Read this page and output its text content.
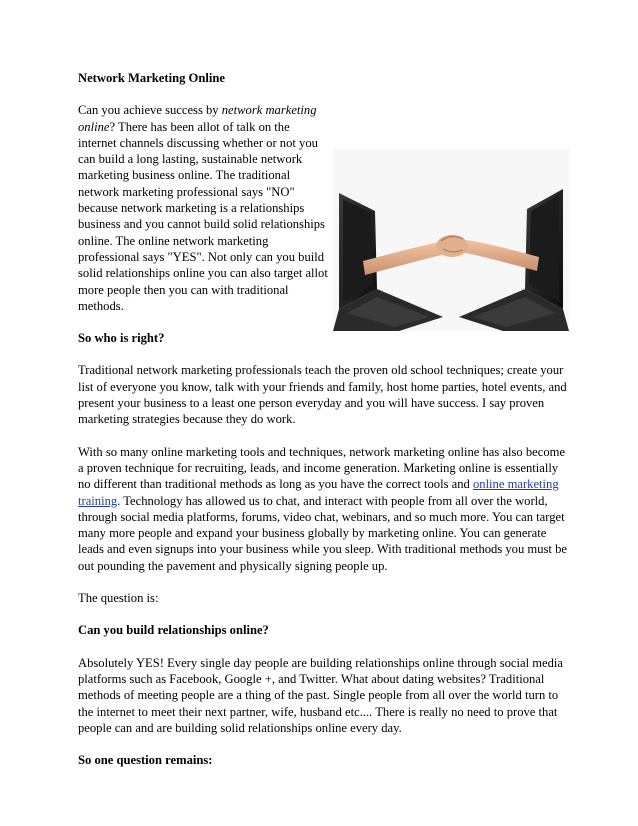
Network Marketing Online

Can you achieve success by network marketing online? There has been allot of talk on the internet channels discussing whether or not you can build a long lasting, sustainable network marketing business online. The traditional network marketing professional says "NO" because network marketing is a relationships business and you cannot build solid relationships online. The online network marketing professional says "YES". Not only can you build solid relationships online you can also target allot more people then you can with traditional methods.

So who is right?

Traditional network marketing professionals teach the proven old school techniques; create your list of everyone you know, talk with your friends and family, host home parties, hotel events, and present your business to a least one person everyday and you will have success. I say proven marketing strategies because they do work.

With so many online marketing tools and techniques, network marketing online has also become a proven technique for recruiting, leads, and income generation. Marketing online is essentially no different than traditional methods as long as you have the correct tools and online marketing training. Technology has allowed us to chat, and interact with people from all over the world, through social media platforms, forums, video chat, webinars, and so much more. You can target many more people and expand your business globally by marketing online. You can generate leads and even signups into your business while you sleep. With traditional methods you must be out pounding the pavement and physically signing people up.

The question is:

Can you build relationships online?

Absolutely YES! Every single day people are building relationships online through social media platforms such as Facebook, Google +, and Twitter. What about dating websites? Traditional methods of meeting people are a thing of the past. Single people from all over the world turn to the internet to meet their next partner, wife, husband etc.... There is really no need to prove that people can and are building solid relationships online every day.

So one question remains:
